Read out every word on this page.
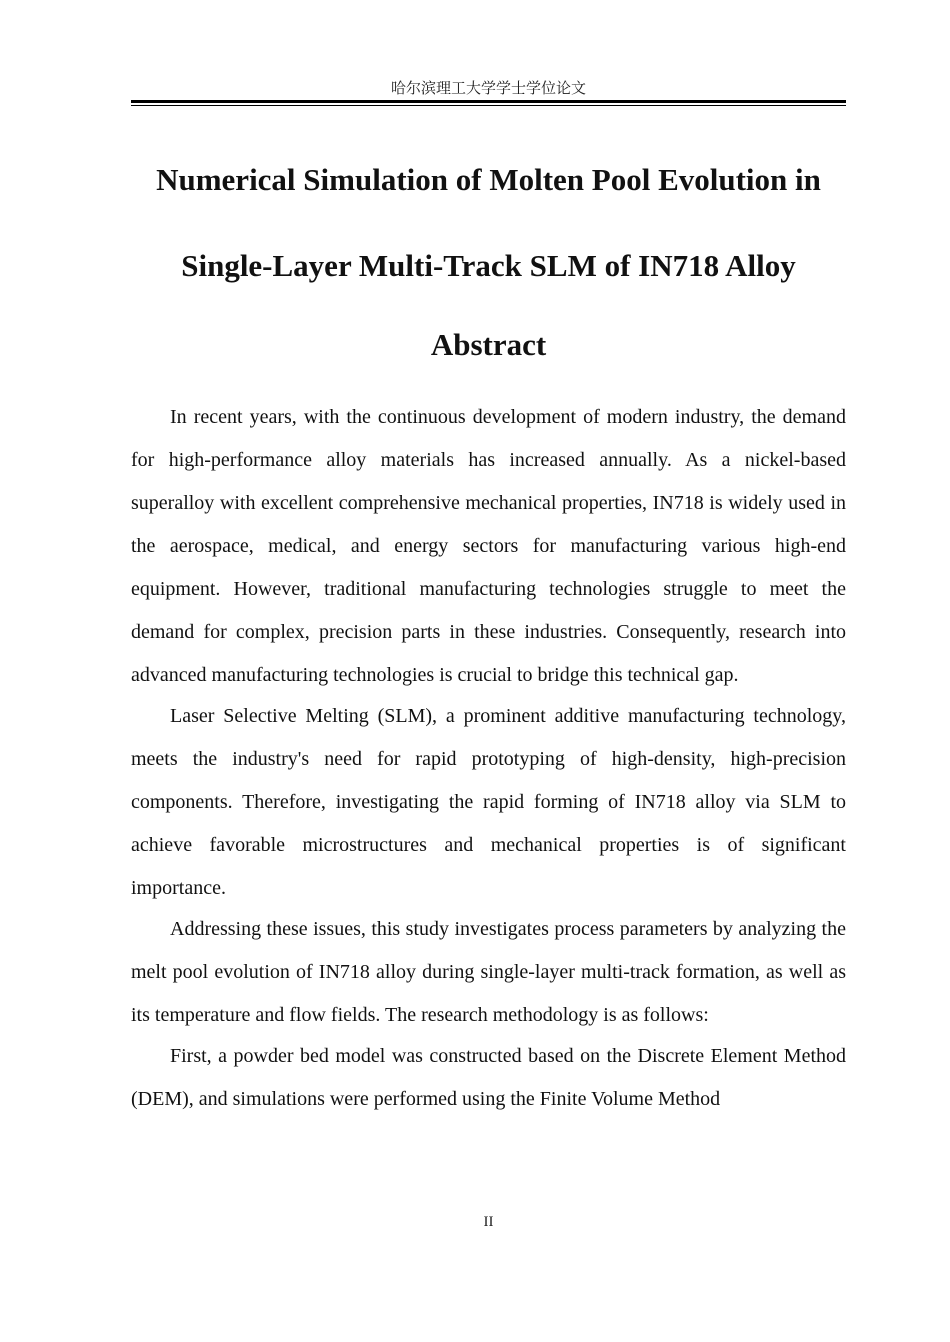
哈尔滨理工大学学士学位论文
Numerical Simulation of Molten Pool Evolution in
Single-Layer Multi-Track SLM of IN718 Alloy
Abstract

In recent years, with the continuous development of modern industry, the demand for high-performance alloy materials has increased annually. As a nickel-based superalloy with excellent comprehensive mechanical properties, IN718 is widely used in the aerospace, medical, and energy sectors for manufacturing various high-end equipment. However, traditional manufacturing technologies struggle to meet the demand for complex, precision parts in these industries. Consequently, research into advanced manufacturing technologies is crucial to bridge this technical gap.

Laser Selective Melting (SLM), a prominent additive manufacturing technology, meets the industry's need for rapid prototyping of high-density, high-precision components. Therefore, investigating the rapid forming of IN718 alloy via SLM to achieve favorable microstructures and mechanical properties is of significant importance.

Addressing these issues, this study investigates process parameters by analyzing the melt pool evolution of IN718 alloy during single-layer multi-track formation, as well as its temperature and flow fields. The research methodology is as follows:

First, a powder bed model was constructed based on the Discrete Element Method (DEM), and simulations were performed using the Finite Volume Method

II
